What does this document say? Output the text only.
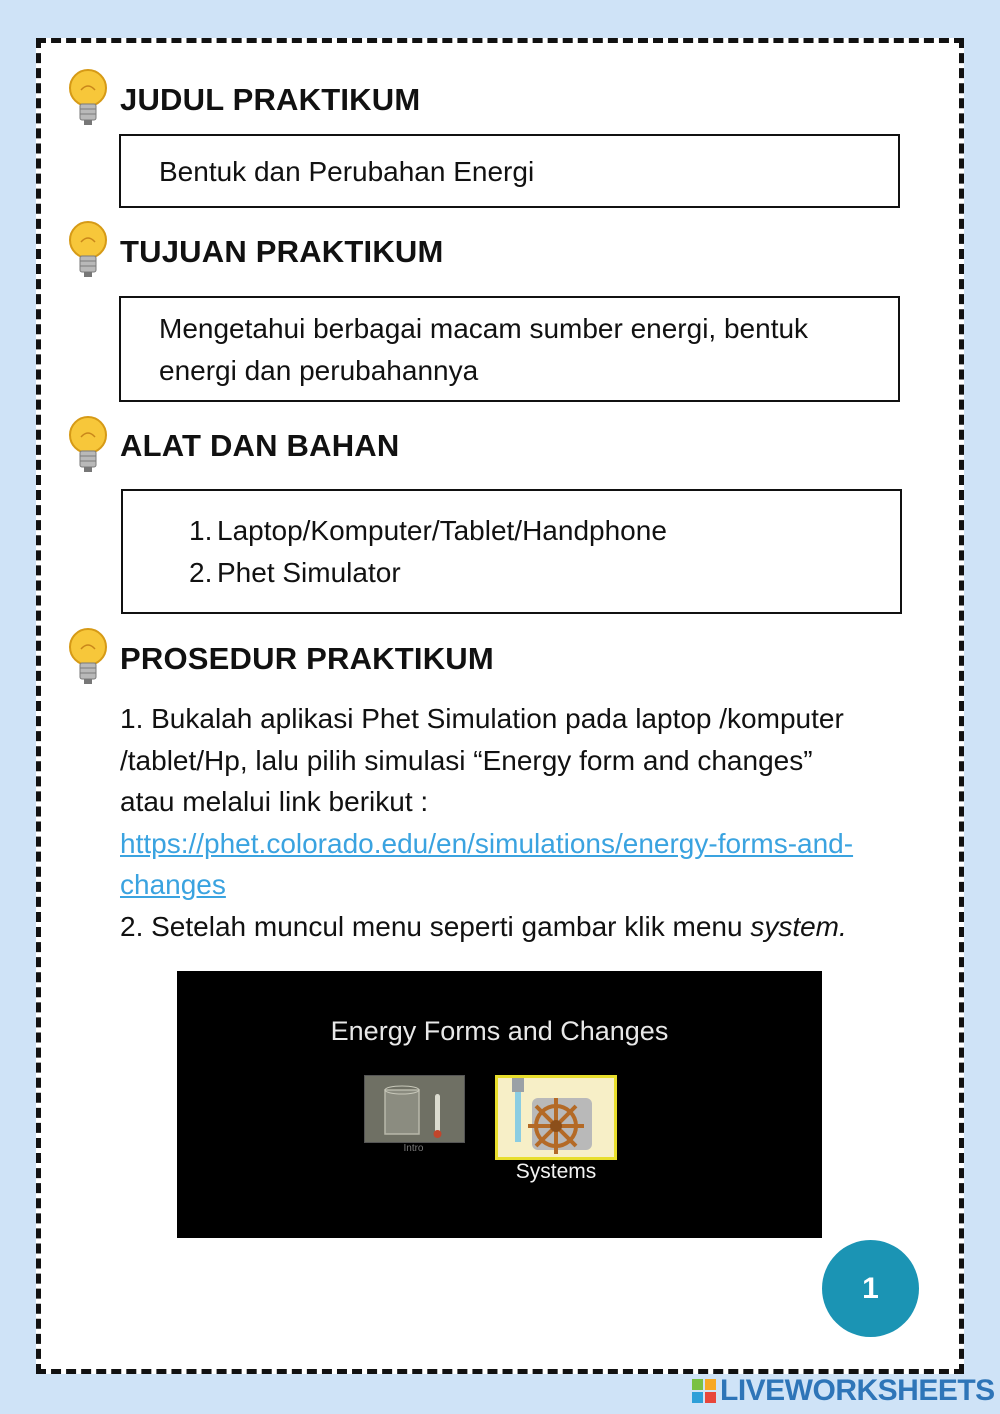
JUDUL PRAKTIKUM
Bentuk dan Perubahan Energi
TUJUAN PRAKTIKUM
Mengetahui berbagai macam sumber energi, bentuk
energi dan perubahannya
ALAT DAN BAHAN
1. Laptop/Komputer/Tablet/Handphone
2. Phet Simulator
PROSEDUR PRAKTIKUM
1. Bukalah aplikasi Phet Simulation pada laptop /komputer
/tablet/Hp, lalu pilih simulasi “Energy form and changes”
atau melalui link berikut :
https://phet.colorado.edu/en/simulations/energy-forms-and-
changes
2. Setelah muncul menu seperti gambar klik menu system.
Energy Forms and Changes
Intro
Systems
1
LIVEWORKSHEETS
